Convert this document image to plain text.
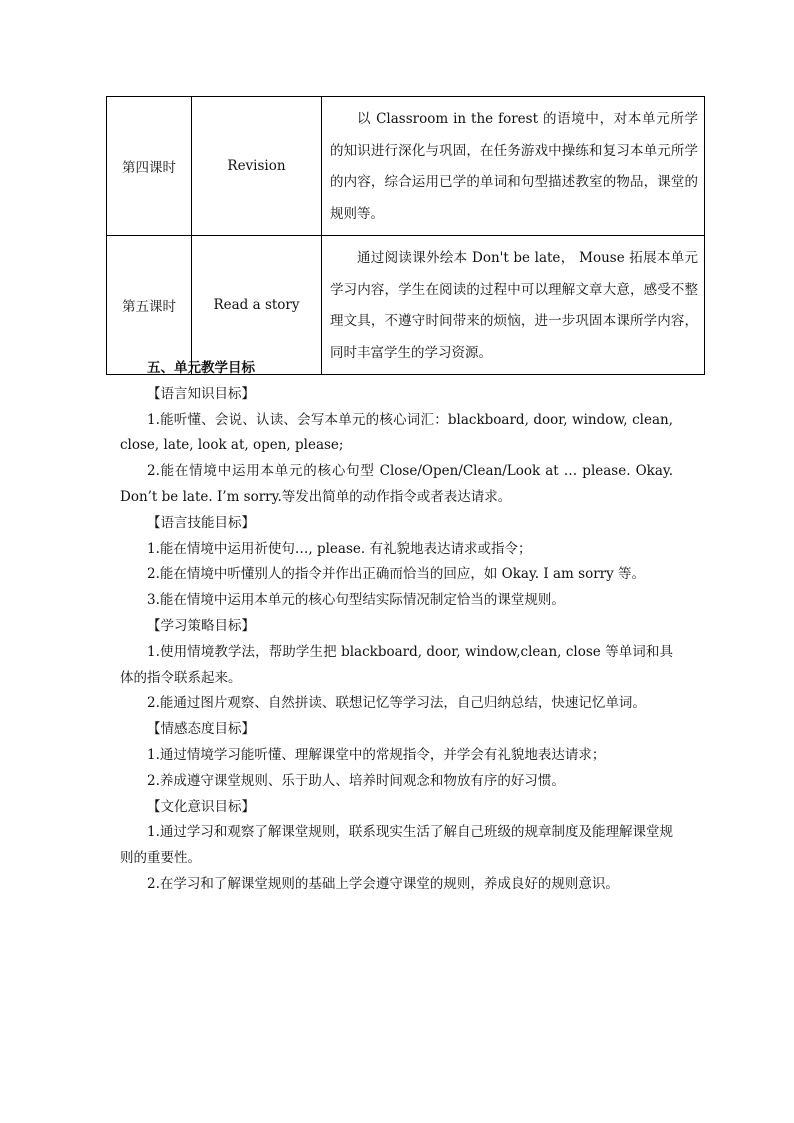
第四课时	Revision	以 Classroom in the forest 的语境中，对本单元所学的知识进行深化与巩固，在任务游戏中操练和复习本单元所学的内容，综合运用已学的单词和句型描述教室的物品，课堂的规则等。
第五课时	Read a story	通过阅读课外绘本 Don't be late， Mouse 拓展本单元学习内容，学生在阅读的过程中可以理解文章大意，感受不整理文具，不遵守时间带来的烦恼，进一步巩固本课所学内容，同时丰富学生的学习资源。

五、单元教学目标

【语言知识目标】

1.能听懂、会说、认读、会写本单元的核心词汇：blackboard, door, window, clean, close, late, look at, open, please;

2.能在情境中运用本单元的核心句型 Close/Open/Clean/Look at … please. Okay. Don’t be late. I’m sorry.等发出简单的动作指令或者表达请求。

【语言技能目标】

1.能在情境中运用祈使句…, please. 有礼貌地表达请求或指令；

2.能在情境中听懂别人的指令并作出正确而恰当的回应，如 Okay. I am sorry 等。

3.能在情境中运用本单元的核心句型结实际情况制定恰当的课堂规则。

【学习策略目标】

1.使用情境教学法，帮助学生把 blackboard, door, window,clean, close 等单词和具体的指令联系起来。

2.能通过图片观察、自然拼读、联想记忆等学习法，自己归纳总结，快速记忆单词。

【情感态度目标】

1.通过情境学习能听懂、理解课堂中的常规指令，并学会有礼貌地表达请求；

2.养成遵守课堂规则、乐于助人、培养时间观念和物放有序的好习惯。

【文化意识目标】

1.通过学习和观察了解课堂规则，联系现实生活了解自己班级的规章制度及能理解课堂规则的重要性。

2.在学习和了解课堂规则的基础上学会遵守课堂的规则，养成良好的规则意识。
